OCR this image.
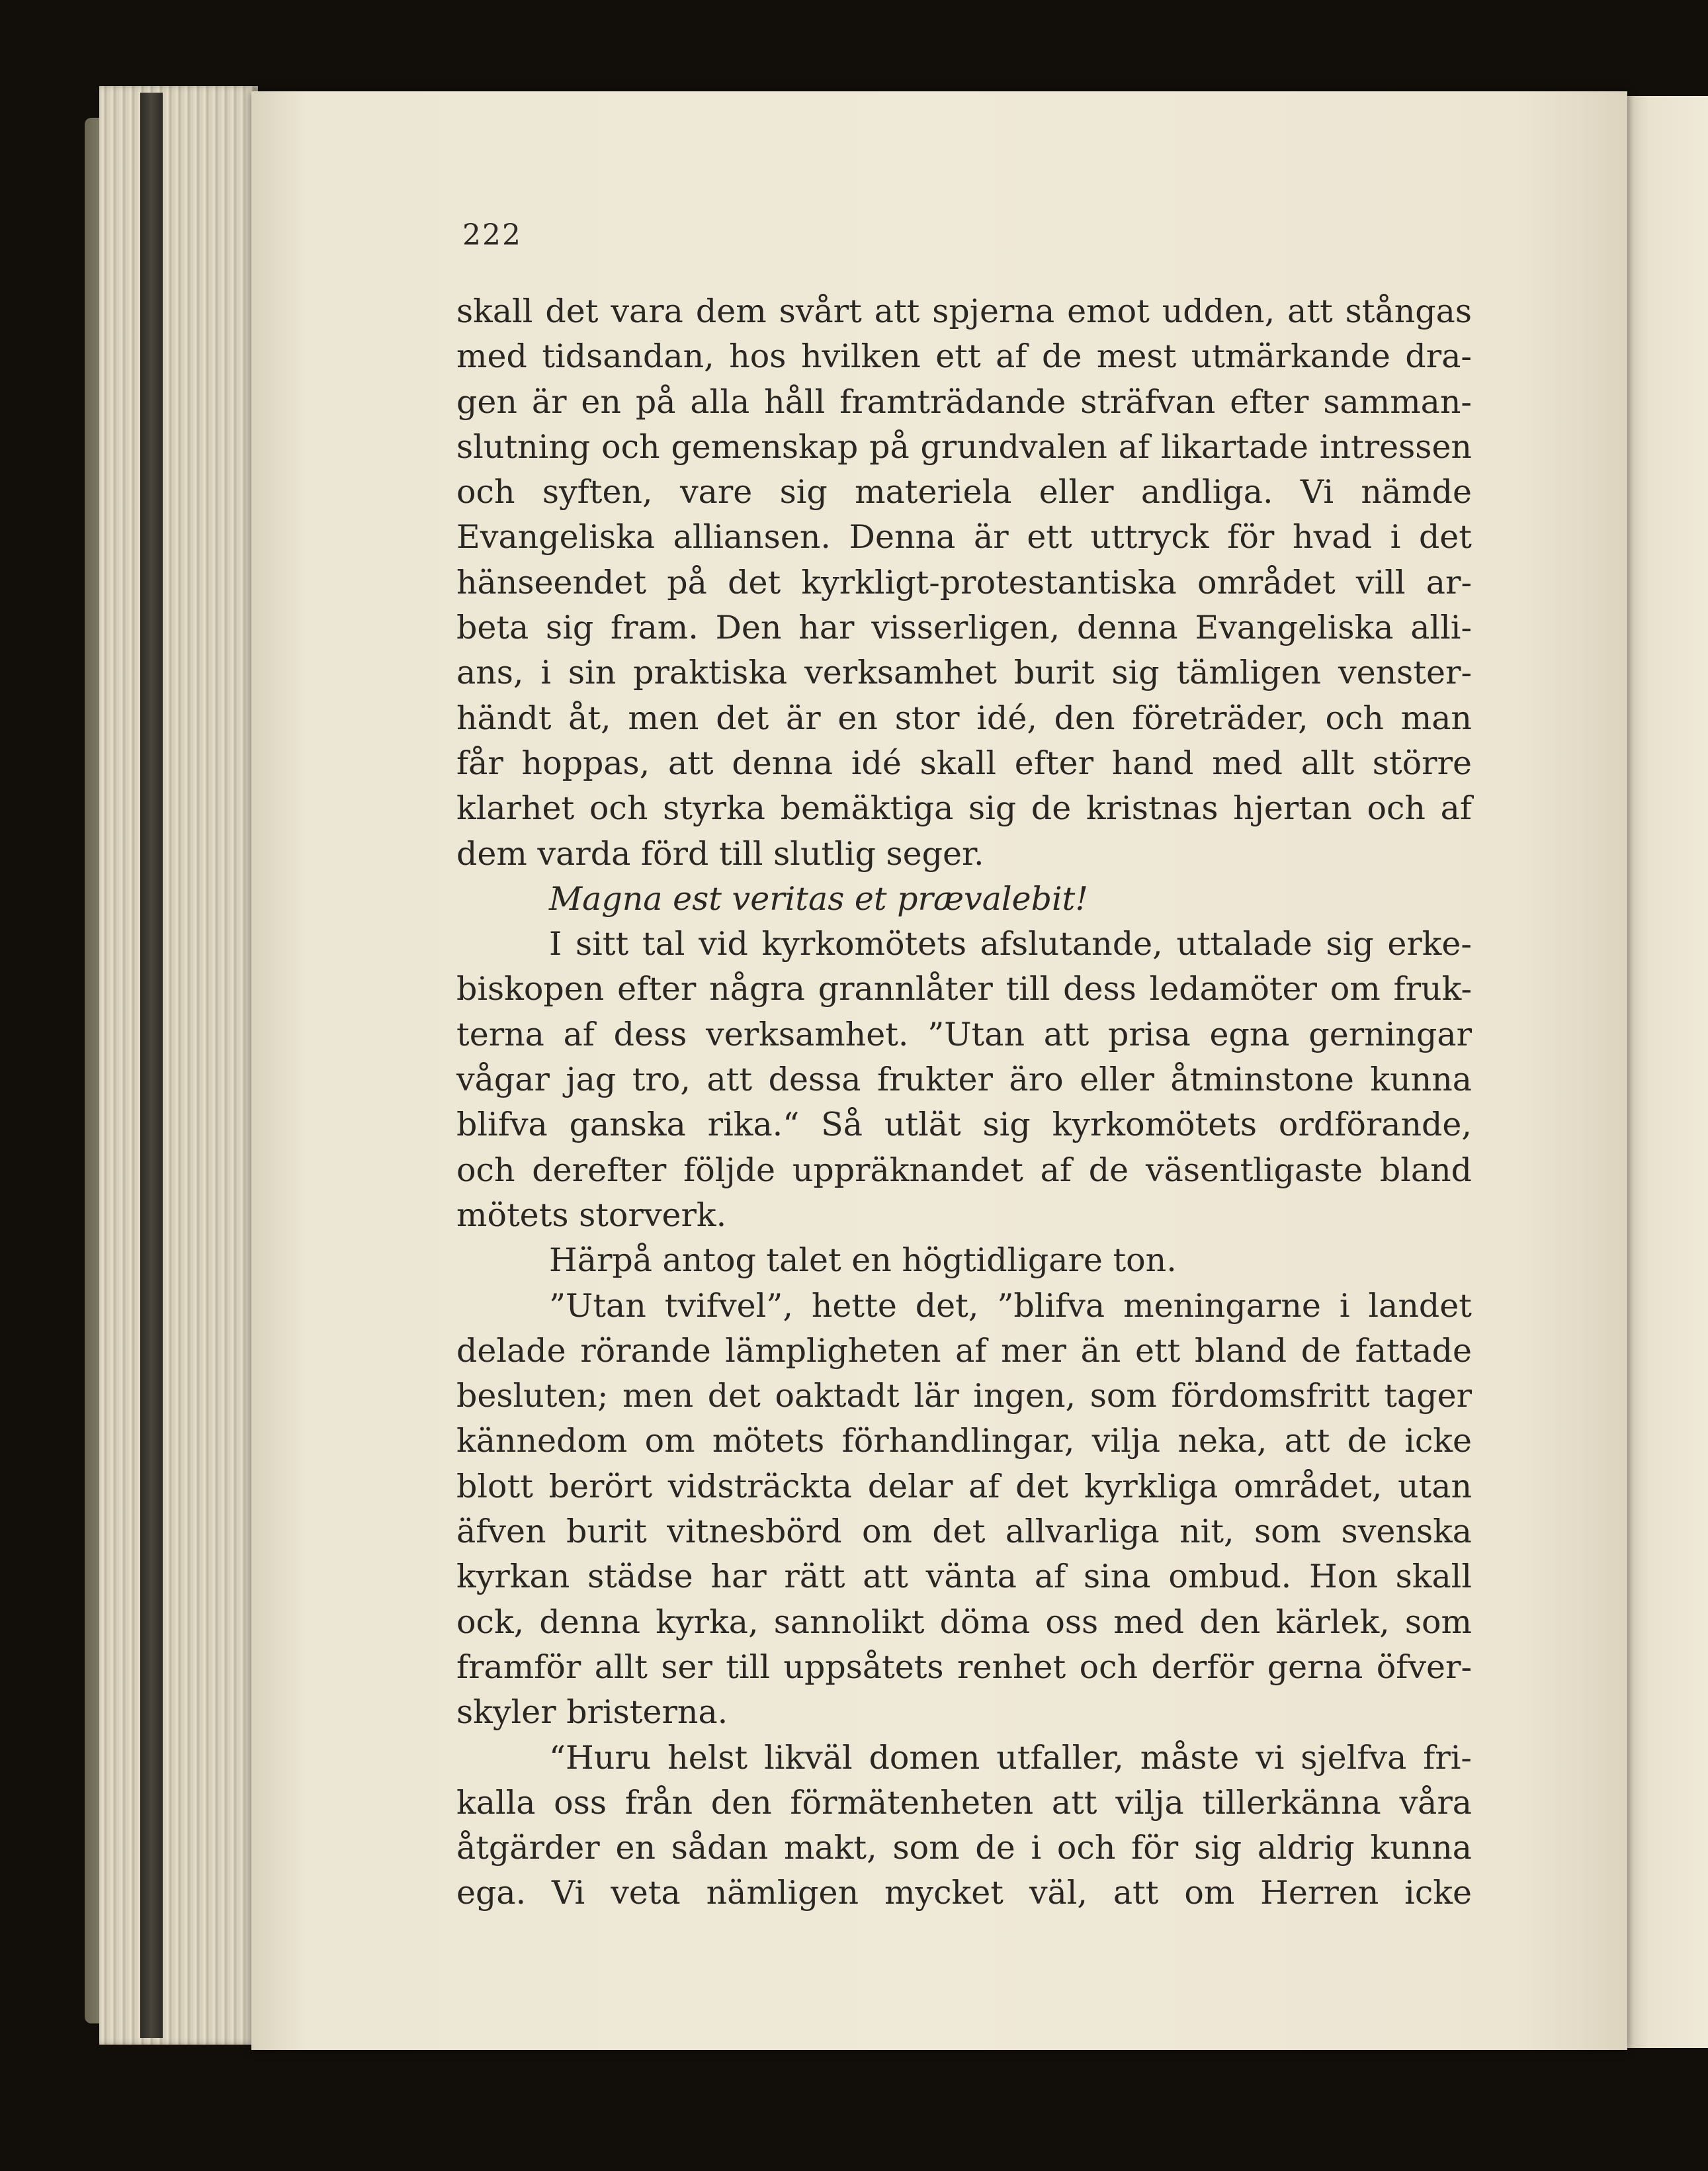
222
skall det vara dem svårt att spjerna emot udden, att stångas
med tidsandan, hos hvilken ett af de mest utmärkande dra-
gen är en på alla håll framträdande sträfvan efter samman-
slutning och gemenskap på grundvalen af likartade intressen
och syften, vare sig materiela eller andliga. Vi nämde
Evangeliska alliansen. Denna är ett uttryck för hvad i det
hänseendet på det kyrkligt-protestantiska området vill ar-
beta sig fram. Den har visserligen, denna Evangeliska alli-
ans, i sin praktiska verksamhet burit sig tämligen venster-
händt åt, men det är en stor idé, den företräder, och man
får hoppas, att denna idé skall efter hand med allt större
klarhet och styrka bemäktiga sig de kristnas hjertan och af
dem varda förd till slutlig seger.
Magna est veritas et prævalebit!
I sitt tal vid kyrkomötets afslutande, uttalade sig erke-
biskopen efter några grannlåter till dess ledamöter om fruk-
terna af dess verksamhet. ”Utan att prisa egna gerningar
vågar jag tro, att dessa frukter äro eller åtminstone kunna
blifva ganska rika.“ Så utlät sig kyrkomötets ordförande,
och derefter följde uppräknandet af de väsentligaste bland
mötets storverk.
Härpå antog talet en högtidligare ton.
”Utan tvifvel”, hette det, ”blifva meningarne i landet
delade rörande lämpligheten af mer än ett bland de fattade
besluten; men det oaktadt lär ingen, som fördomsfritt tager
kännedom om mötets förhandlingar, vilja neka, att de icke
blott berört vidsträckta delar af det kyrkliga området, utan
äfven burit vitnesbörd om det allvarliga nit, som svenska
kyrkan städse har rätt att vänta af sina ombud. Hon skall
ock, denna kyrka, sannolikt döma oss med den kärlek, som
framför allt ser till uppsåtets renhet och derför gerna öfver-
skyler bristerna.
“Huru helst likväl domen utfaller, måste vi sjelfva fri-
kalla oss från den förmätenheten att vilja tillerkänna våra
åtgärder en sådan makt, som de i och för sig aldrig kunna
ega. Vi veta nämligen mycket väl, att om Herren icke
